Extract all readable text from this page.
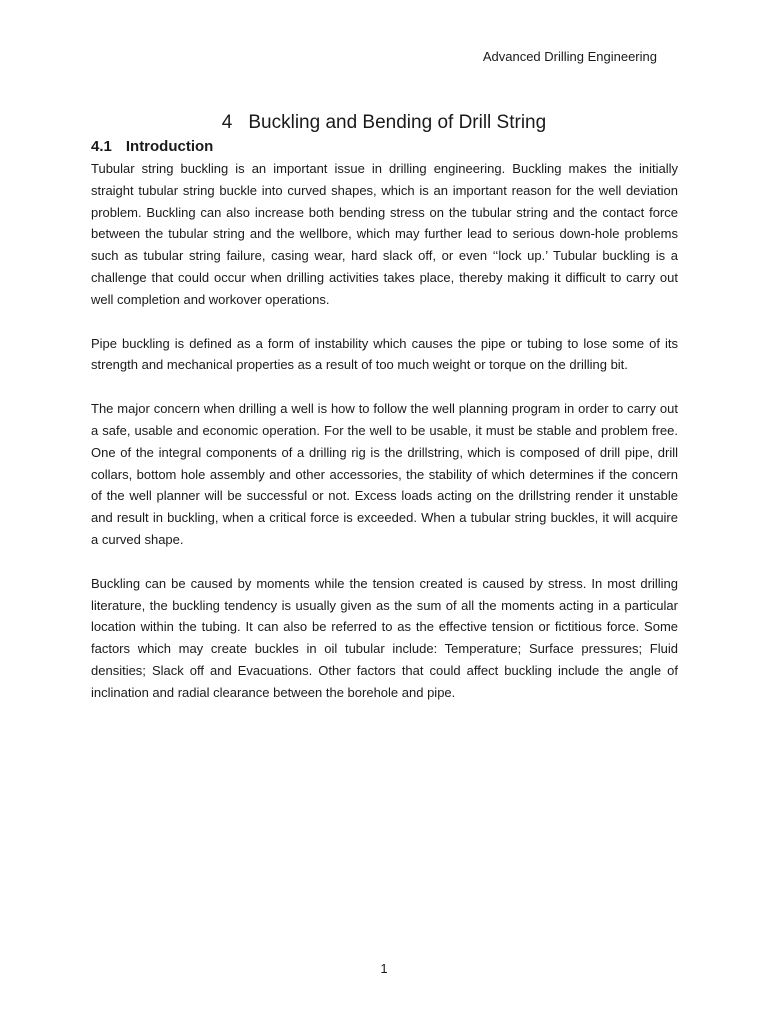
Advanced Drilling Engineering
4 Buckling and Bending of Drill String
4.1 Introduction

Tubular string buckling is an important issue in drilling engineering. Buckling makes the initially straight tubular string buckle into curved shapes, which is an important reason for the well deviation problem. Buckling can also increase both bending stress on the tubular string and the contact force between the tubular string and the wellbore, which may further lead to serious down-hole problems such as tubular string failure, casing wear, hard slack off, or even ‘‘lock up.’ Tubular buckling is a challenge that could occur when drilling activities takes place, thereby making it difficult to carry out well completion and workover operations.

Pipe buckling is defined as a form of instability which causes the pipe or tubing to lose some of its strength and mechanical properties as a result of too much weight or torque on the drilling bit.

The major concern when drilling a well is how to follow the well planning program in order to carry out a safe, usable and economic operation. For the well to be usable, it must be stable and problem free. One of the integral components of a drilling rig is the drillstring, which is composed of drill pipe, drill collars, bottom hole assembly and other accessories, the stability of which determines if the concern of the well planner will be successful or not. Excess loads acting on the drillstring render it unstable and result in buckling, when a critical force is exceeded. When a tubular string buckles, it will acquire a curved shape.

Buckling can be caused by moments while the tension created is caused by stress. In most drilling literature, the buckling tendency is usually given as the sum of all the moments acting in a particular location within the tubing. It can also be referred to as the effective tension or fictitious force. Some factors which may create buckles in oil tubular include: Temperature; Surface pressures; Fluid densities; Slack off and Evacuations. Other factors that could affect buckling include the angle of inclination and radial clearance between the borehole and pipe.

1
